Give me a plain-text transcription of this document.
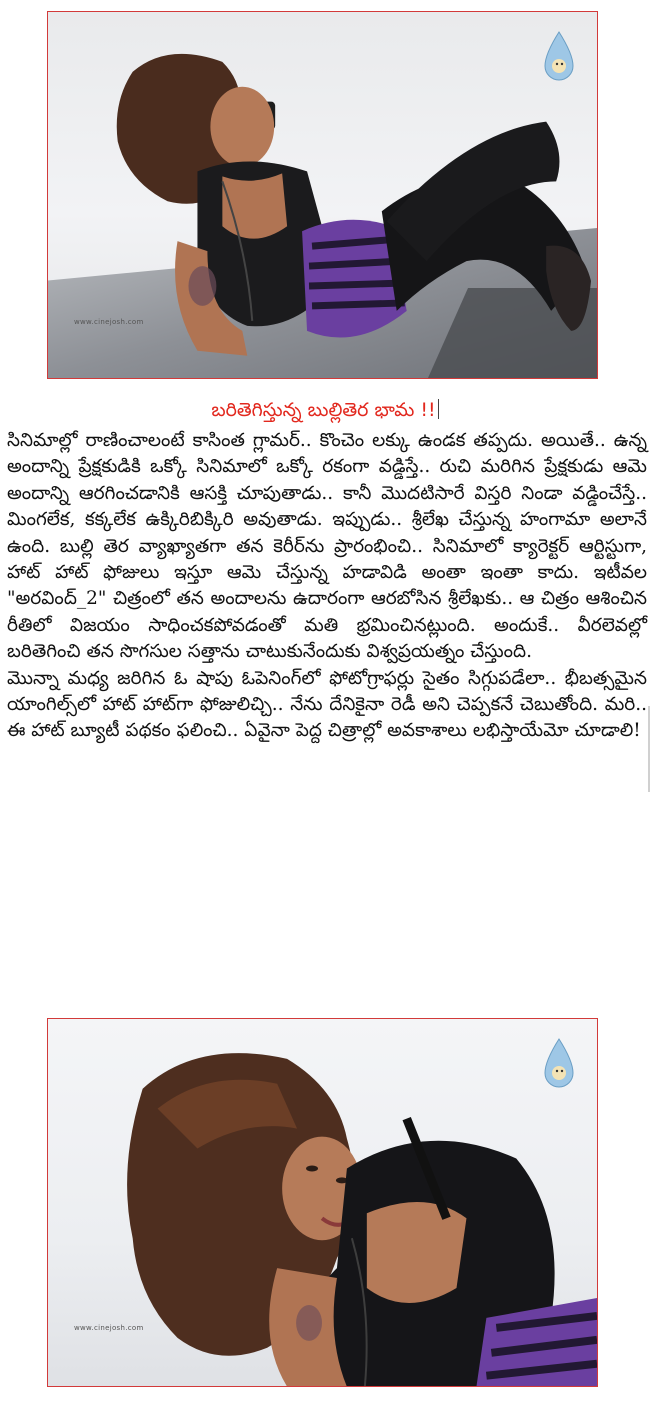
www.cinejosh.com
బరితెగిస్తున్న బుల్లితెర భామ !!

సినిమాల్లో రాణించాలంటే కాసింత గ్లామర్.. కొంచెం లక్కు ఉండక తప్పదు. అయితే.. ఉన్న అందాన్ని ప్రేక్షకుడికి ఒక్కో సినిమాలో ఒక్కో రకంగా వడ్డిస్తే.. రుచి మరిగిన ప్రేక్షకుడు ఆమె అందాన్ని ఆరగించడానికి ఆసక్తి చూపుతాడు.. కానీ మొదటిసారే విస్తరి నిండా వడ్డించేస్తే.. మింగలేక, కక్కలేక ఉక్కిరిబిక్కిరి అవుతాడు. ఇప్పుడు.. శ్రీలేఖ చేస్తున్న హంగామా అలానే ఉంది. బుల్లి తెర వ్యాఖ్యాతగా తన కెరీర్‌ను ప్రారంభించి.. సినిమాలో క్యారెక్టర్ ఆర్టిస్టుగా, హాట్ హాట్ ఫోజులు ఇస్తూ ఆమె చేస్తున్న హడావిడి అంతా ఇంతా కాదు. ఇటీవల "అరవింద్_2" చిత్రంలో తన అందాలను ఉదారంగా ఆరబోసిన శ్రీలేఖకు.. ఆ చిత్రం ఆశించిన రీతిలో విజయం సాధించకపోవడంతో మతి భ్రమించినట్లుంది. అందుకే.. వీరలెవల్లో బరితెగించి తన సొగసుల సత్తాను చాటుకునేందుకు విశ్వప్రయత్నం చేస్తుంది.

మొన్నా మధ్య జరిగిన ఓ షాపు ఓపెనింగ్‌లో ఫోటోగ్రాఫర్లు సైతం సిగ్గుపడేలా.. భీబత్సమైన యాంగిల్స్‌లో హాట్ హాట్‌గా ఫోజులిచ్చి.. నేను దేనికైనా రెడీ అని చెప్పకనే చెబుతోంది. మరి.. ఈ హాట్ బ్యూటీ పథకం ఫలించి.. ఏవైనా పెద్ద చిత్రాల్లో అవకాశాలు లభిస్తాయేమో చూడాలి!

www.cinejosh.com
